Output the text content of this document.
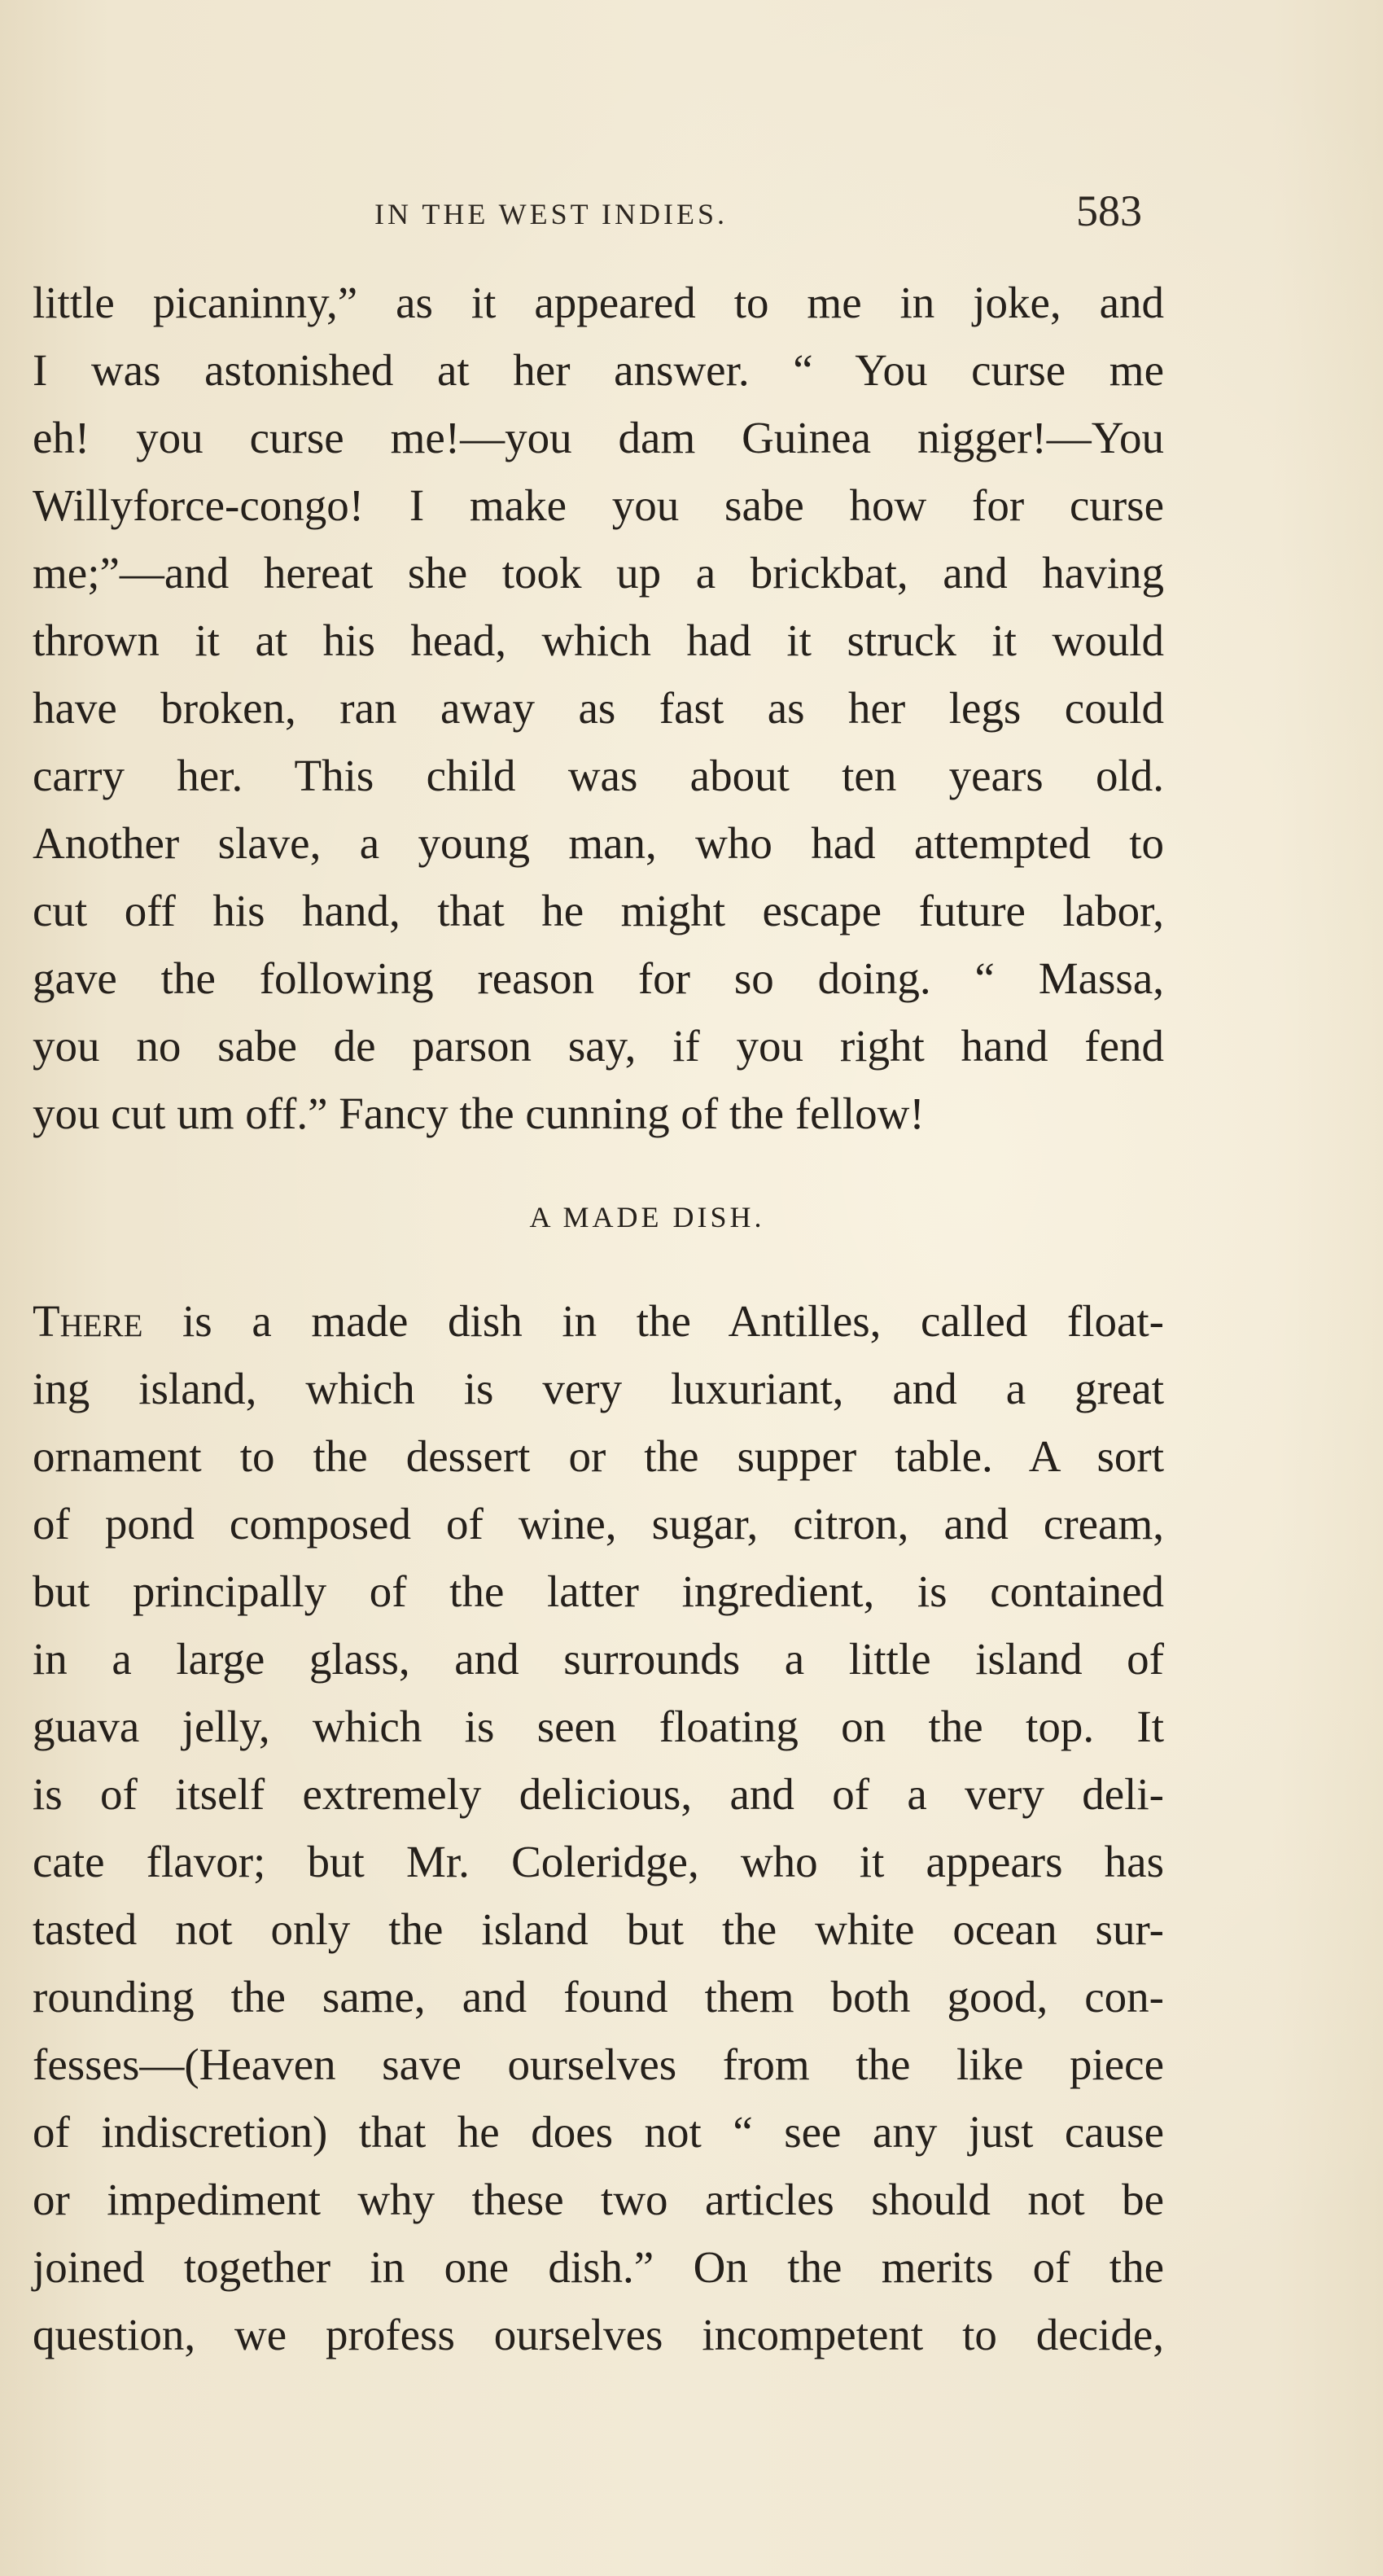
IN THE WEST INDIES.	583
little picaninny,” as it appeared to me in joke, and
I was astonished at her answer. “ You curse me
eh! you curse me!—you dam Guinea nigger!—You
Willyforce-congo! I make you sabe how for curse
me;”—and hereat she took up a brickbat, and having
thrown it at his head, which had it struck it would
have broken, ran away as fast as her legs could
carry her. This child was about ten years old.
Another slave, a young man, who had attempted to
cut off his hand, that he might escape future labor,
gave the following reason for so doing. “ Massa,
you no sabe de parson say, if you right hand fend
you cut um off.” Fancy the cunning of the fellow!
A MADE DISH.
There is a made dish in the Antilles, called float-
ing island, which is very luxuriant, and a great
ornament to the dessert or the supper table. A sort
of pond composed of wine, sugar, citron, and cream,
but principally of the latter ingredient, is contained
in a large glass, and surrounds a little island of
guava jelly, which is seen floating on the top. It
is of itself extremely delicious, and of a very deli-
cate flavor; but Mr. Coleridge, who it appears has
tasted not only the island but the white ocean sur-
rounding the same, and found them both good, con-
fesses—(Heaven save ourselves from the like piece
of indiscretion) that he does not “ see any just cause
or impediment why these two articles should not be
joined together in one dish.” On the merits of the
question, we profess ourselves incompetent to decide,
